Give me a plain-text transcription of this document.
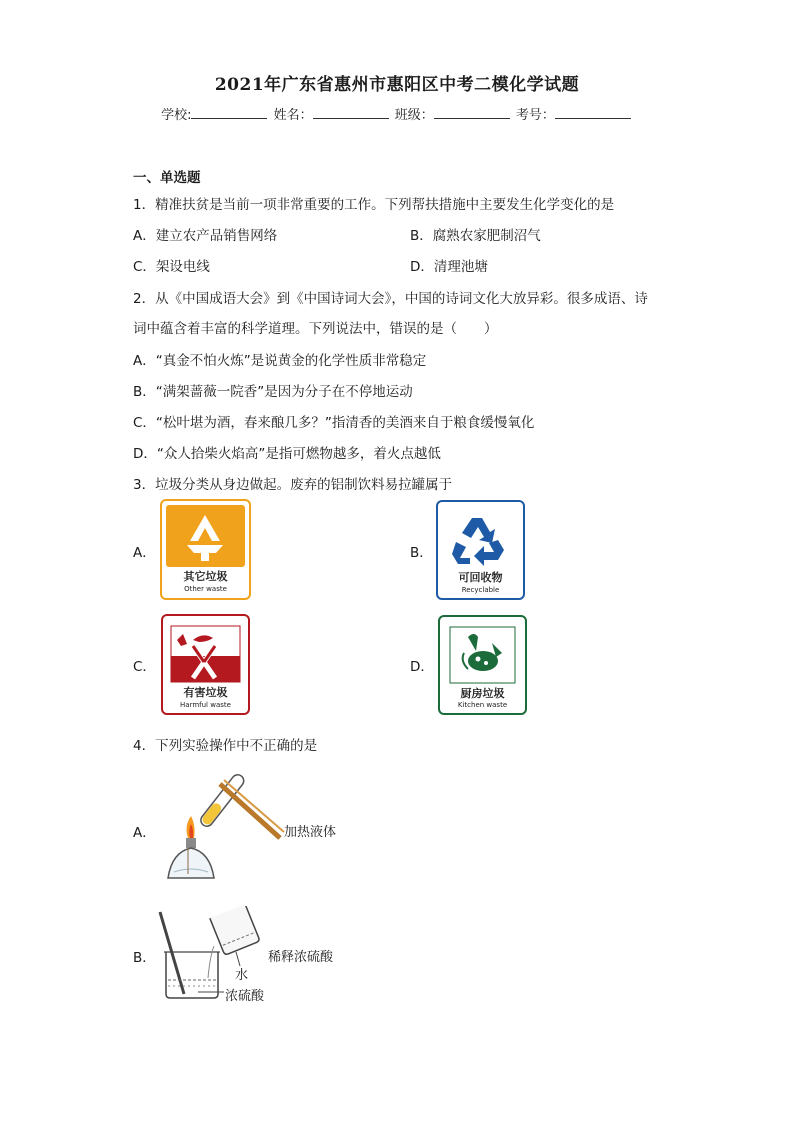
2021年广东省惠州市惠阳区中考二模化学试题
学校:	姓名：	班级：	考号：
一、单选题
1．精准扶贫是当前一项非常重要的工作。下列帮扶措施中主要发生化学变化的是
A．建立农产品销售网络	B．腐熟农家肥制沼气
C．架设电线	D．清理池塘
2．从《中国成语大会》到《中国诗词大会》，中国的诗词文化大放异彩。很多成语、诗
词中蕴含着丰富的科学道理。下列说法中，错误的是（　　）
A．“真金不怕火炼”是说黄金的化学性质非常稳定
B．“满架蔷薇一院香”是因为分子在不停地运动
C．“松叶堪为酒，春来酿几多？”指清香的美酒来自于粮食缓慢氧化
D．“众人拾柴火焰高”是指可燃物越多，着火点越低
3．垃圾分类从身边做起。废弃的铝制饮料易拉罐属于
A．
其它垃圾
Other waste
B．
可回收物
Recyclable
C．
有害垃圾
Harmful waste
D．
厨房垃圾
Kitchen waste
4．下列实验操作中不正确的是
A．	加热液体
B．	稀释浓硫酸
水
浓硫酸
